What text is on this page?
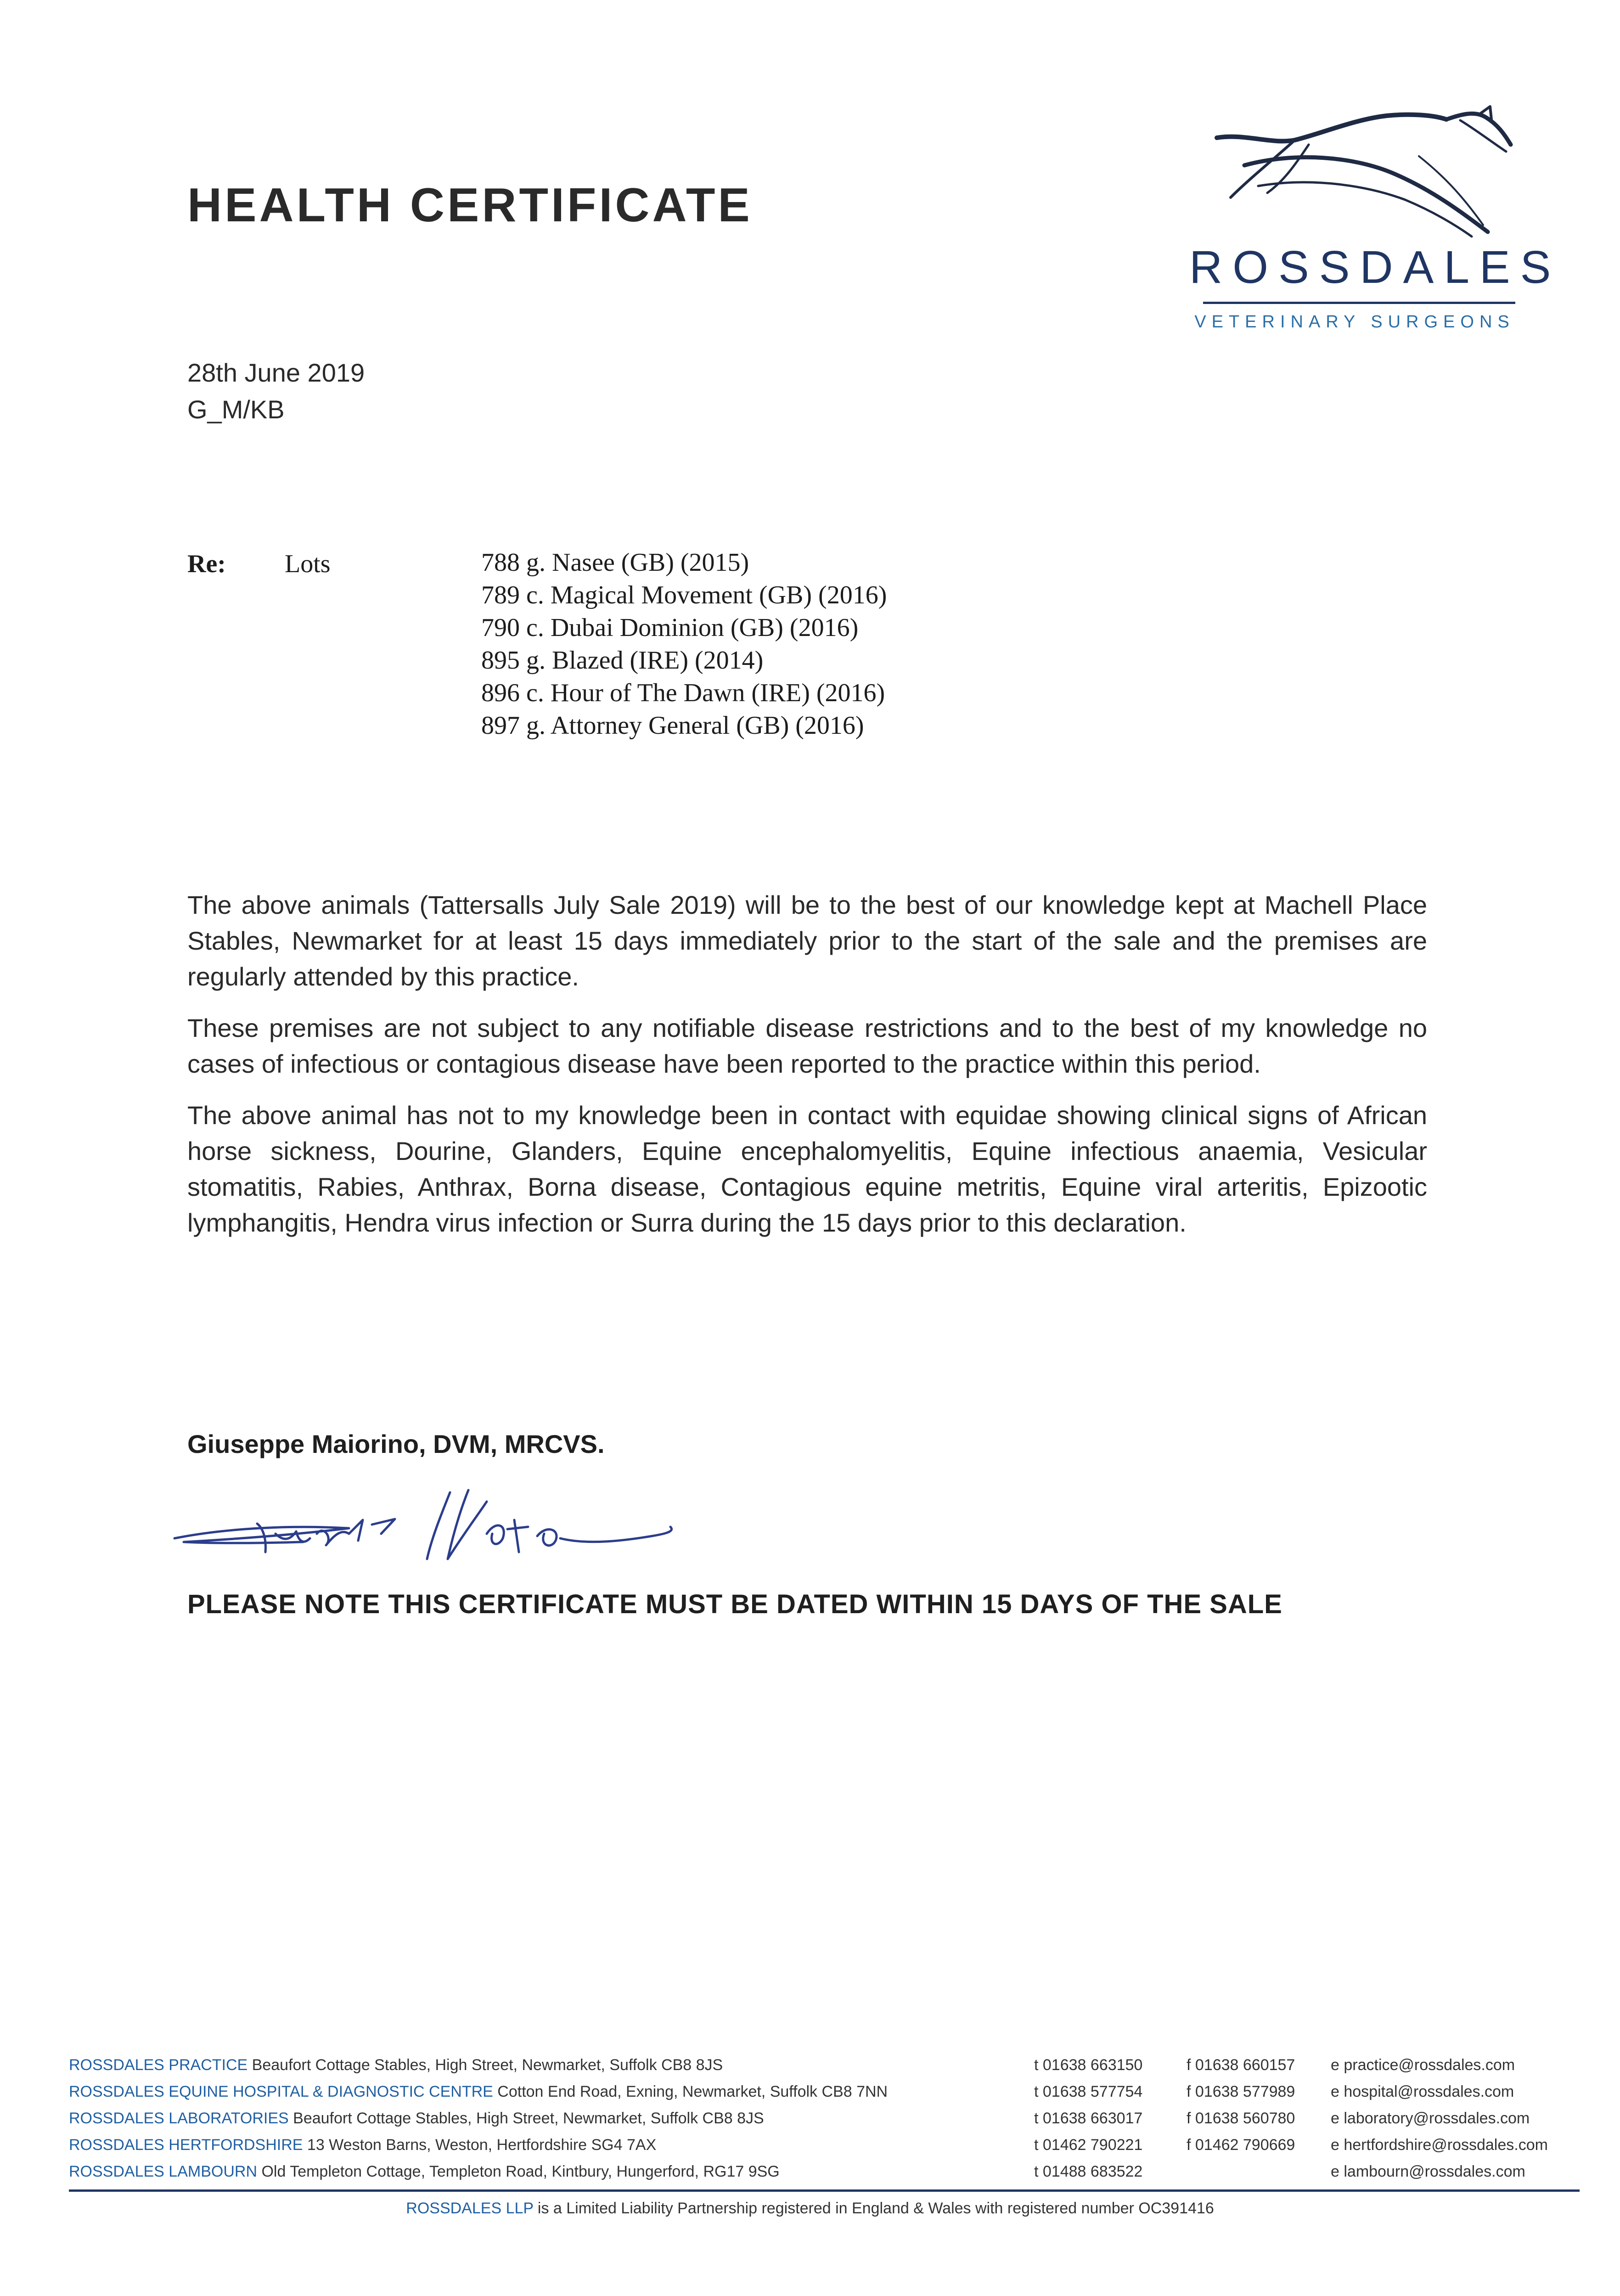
HEALTH CERTIFICATE
ROSSDALES
VETERINARY SURGEONS
28th June 2019
G_M/KB
Re: Lots	788 g. Nasee (GB) (2015)
789 c. Magical Movement (GB) (2016)
790 c. Dubai Dominion (GB) (2016)
895 g. Blazed (IRE) (2014)
896 c. Hour of The Dawn (IRE) (2016)
897 g. Attorney General (GB) (2016)

The above animals (Tattersalls July Sale 2019) will be to the best of our knowledge kept at Machell Place Stables, Newmarket for at least 15 days immediately prior to the start of the sale and the premises are regularly attended by this practice.

These premises are not subject to any notifiable disease restrictions and to the best of my knowledge no cases of infectious or contagious disease have been reported to the practice within this period.

The above animal has not to my knowledge been in contact with equidae showing clinical signs of African horse sickness, Dourine, Glanders, Equine encephalomyelitis, Equine infectious anaemia, Vesicular stomatitis, Rabies, Anthrax, Borna disease, Contagious equine metritis, Equine viral arteritis, Epizootic lymphangitis, Hendra virus infection or Surra during the 15 days prior to this declaration.

Giuseppe Maiorino, DVM, MRCVS.
PLEASE NOTE THIS CERTIFICATE MUST BE DATED WITHIN 15 DAYS OF THE SALE
ROSSDALES PRACTICE Beaufort Cottage Stables, High Street, Newmarket, Suffolk CB8 8JS	t 01638 663150	f 01638 660157 e practice@rossdales.com
ROSSDALES EQUINE HOSPITAL & DIAGNOSTIC CENTRE Cotton End Road, Exning, Newmarket, Suffolk CB8 7NN	t 01638 577754	f 01638 577989 e hospital@rossdales.com
ROSSDALES LABORATORIES Beaufort Cottage Stables, High Street, Newmarket, Suffolk CB8 8JS	t 01638 663017	f 01638 560780 e laboratory@rossdales.com
ROSSDALES HERTFORDSHIRE 13 Weston Barns, Weston, Hertfordshire SG4 7AX	t 01462 790221	f 01462 790669 e hertfordshire@rossdales.com
ROSSDALES LAMBOURN Old Templeton Cottage, Templeton Road, Kintbury, Hungerford, RG17 9SG	t 01488 683522	e lambourn@rossdales.com
ROSSDALES LLP is a Limited Liability Partnership registered in England & Wales with registered number OC391416
